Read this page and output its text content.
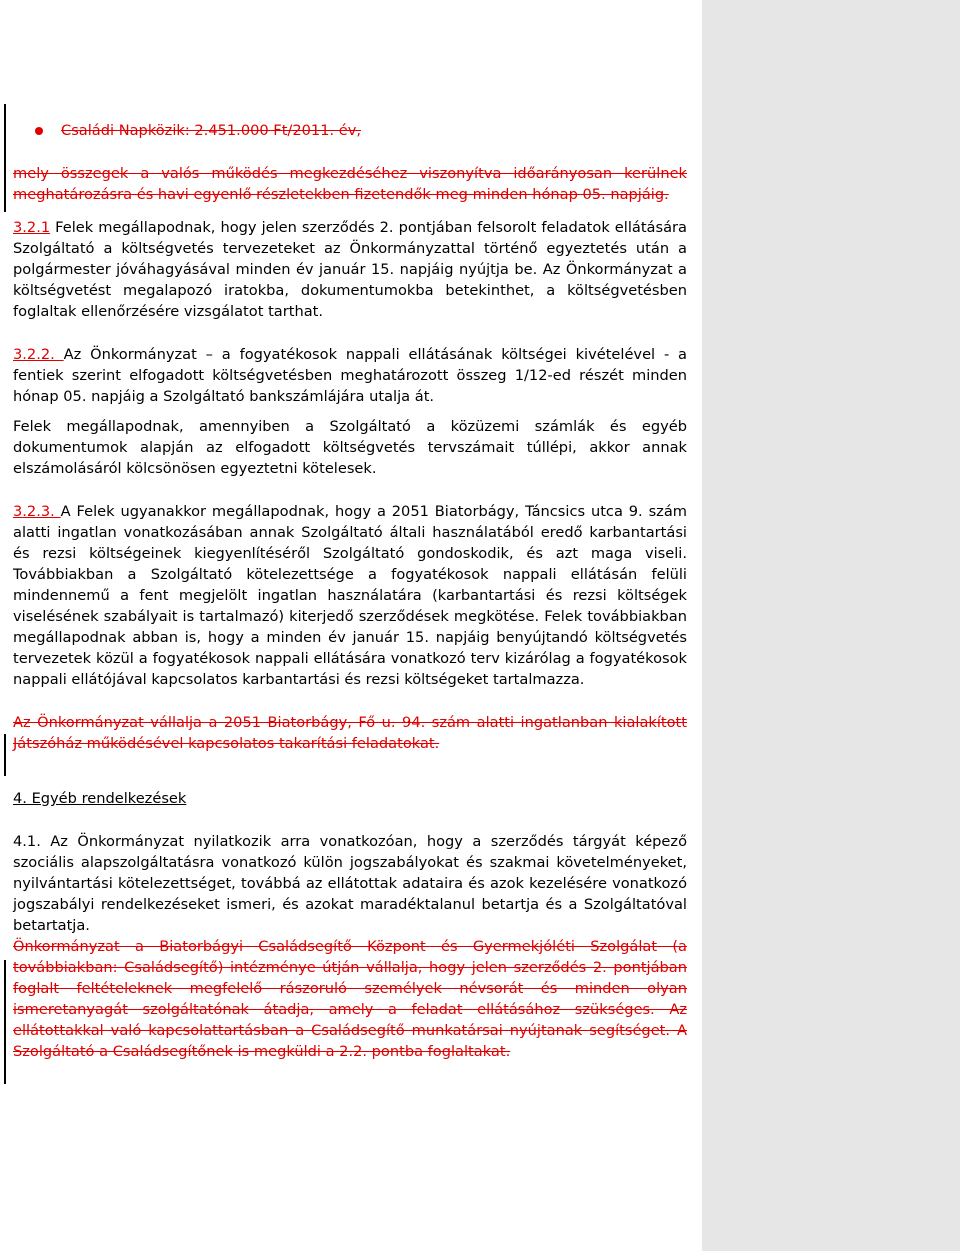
Családi Napközik: 2.451.000 Ft/2011. év,

mely összegek a valós működés megkezdéséhez viszonyítva időarányosan kerülnek meghatározásra és havi egyenlő részletekben fizetendők meg minden hónap 05. napjáig.

3.2.1 Felek megállapodnak, hogy jelen szerződés 2. pontjában felsorolt feladatok ellátására Szolgáltató a költségvetés tervezeteket az Önkormányzattal történő egyeztetés után a polgármester jóváhagyásával minden év január 15. napjáig nyújtja be. Az Önkormányzat a költségvetést megalapozó iratokba, dokumentumokba betekinthet, a költségvetésben foglaltak ellenőrzésére vizsgálatot tarthat.

3.2.2. Az Önkormányzat – a fogyatékosok nappali ellátásának költségei kivételével - a fentiek szerint elfogadott költségvetésben meghatározott összeg 1/12-ed részét minden hónap 05. napjáig a Szolgáltató bankszámlájára utalja át.

Felek megállapodnak, amennyiben a Szolgáltató a közüzemi számlák és egyéb dokumentumok alapján az elfogadott költségvetés tervszámait túllépi, akkor annak elszámolásáról kölcsönösen egyeztetni kötelesek.

3.2.3. A Felek ugyanakkor megállapodnak, hogy a 2051 Biatorbágy, Táncsics utca 9. szám alatti ingatlan vonatkozásában annak Szolgáltató általi használatából eredő karbantartási és rezsi költségeinek kiegyenlítéséről Szolgáltató gondoskodik, és azt maga viseli. Továbbiakban a Szolgáltató kötelezettsége a fogyatékosok nappali ellátásán felüli mindennemű a fent megjelölt ingatlan használatára (karbantartási és rezsi költségek viselésének szabályait is tartalmazó) kiterjedő szerződések megkötése. Felek továbbiakban megállapodnak abban is, hogy a minden év január 15. napjáig benyújtandó költségvetés tervezetek közül a fogyatékosok nappali ellátására vonatkozó terv kizárólag a fogyatékosok nappali ellátójával kapcsolatos karbantartási és rezsi költségeket tartalmazza.

Az Önkormányzat vállalja a 2051 Biatorbágy, Fő u. 94. szám alatti ingatlanban kialakított Játszóház működésével kapcsolatos takarítási feladatokat.

4. Egyéb rendelkezések

4.1. Az Önkormányzat nyilatkozik arra vonatkozóan, hogy a szerződés tárgyát képező szociális alapszolgáltatásra vonatkozó külön jogszabályokat és szakmai követelményeket, nyilvántartási kötelezettséget, továbbá az ellátottak adataira és azok kezelésére vonatkozó jogszabályi rendelkezéseket ismeri, és azokat maradéktalanul betartja és a Szolgáltatóval betartatja.

Önkormányzat a Biatorbágyi Családsegítő Központ és Gyermekjóléti Szolgálat (a továbbiakban: Családsegítő) intézménye útján vállalja, hogy jelen szerződés 2. pontjában foglalt feltételeknek megfelelő rászoruló személyek névsorát és minden olyan ismeretanyagát szolgáltatónak átadja, amely a feladat ellátásához szükséges. Az ellátottakkal való kapcsolattartásban a Családsegítő munkatársai nyújtanak segítséget. A Szolgáltató a Családsegítőnek is megküldi a 2.2. pontba foglaltakat.
